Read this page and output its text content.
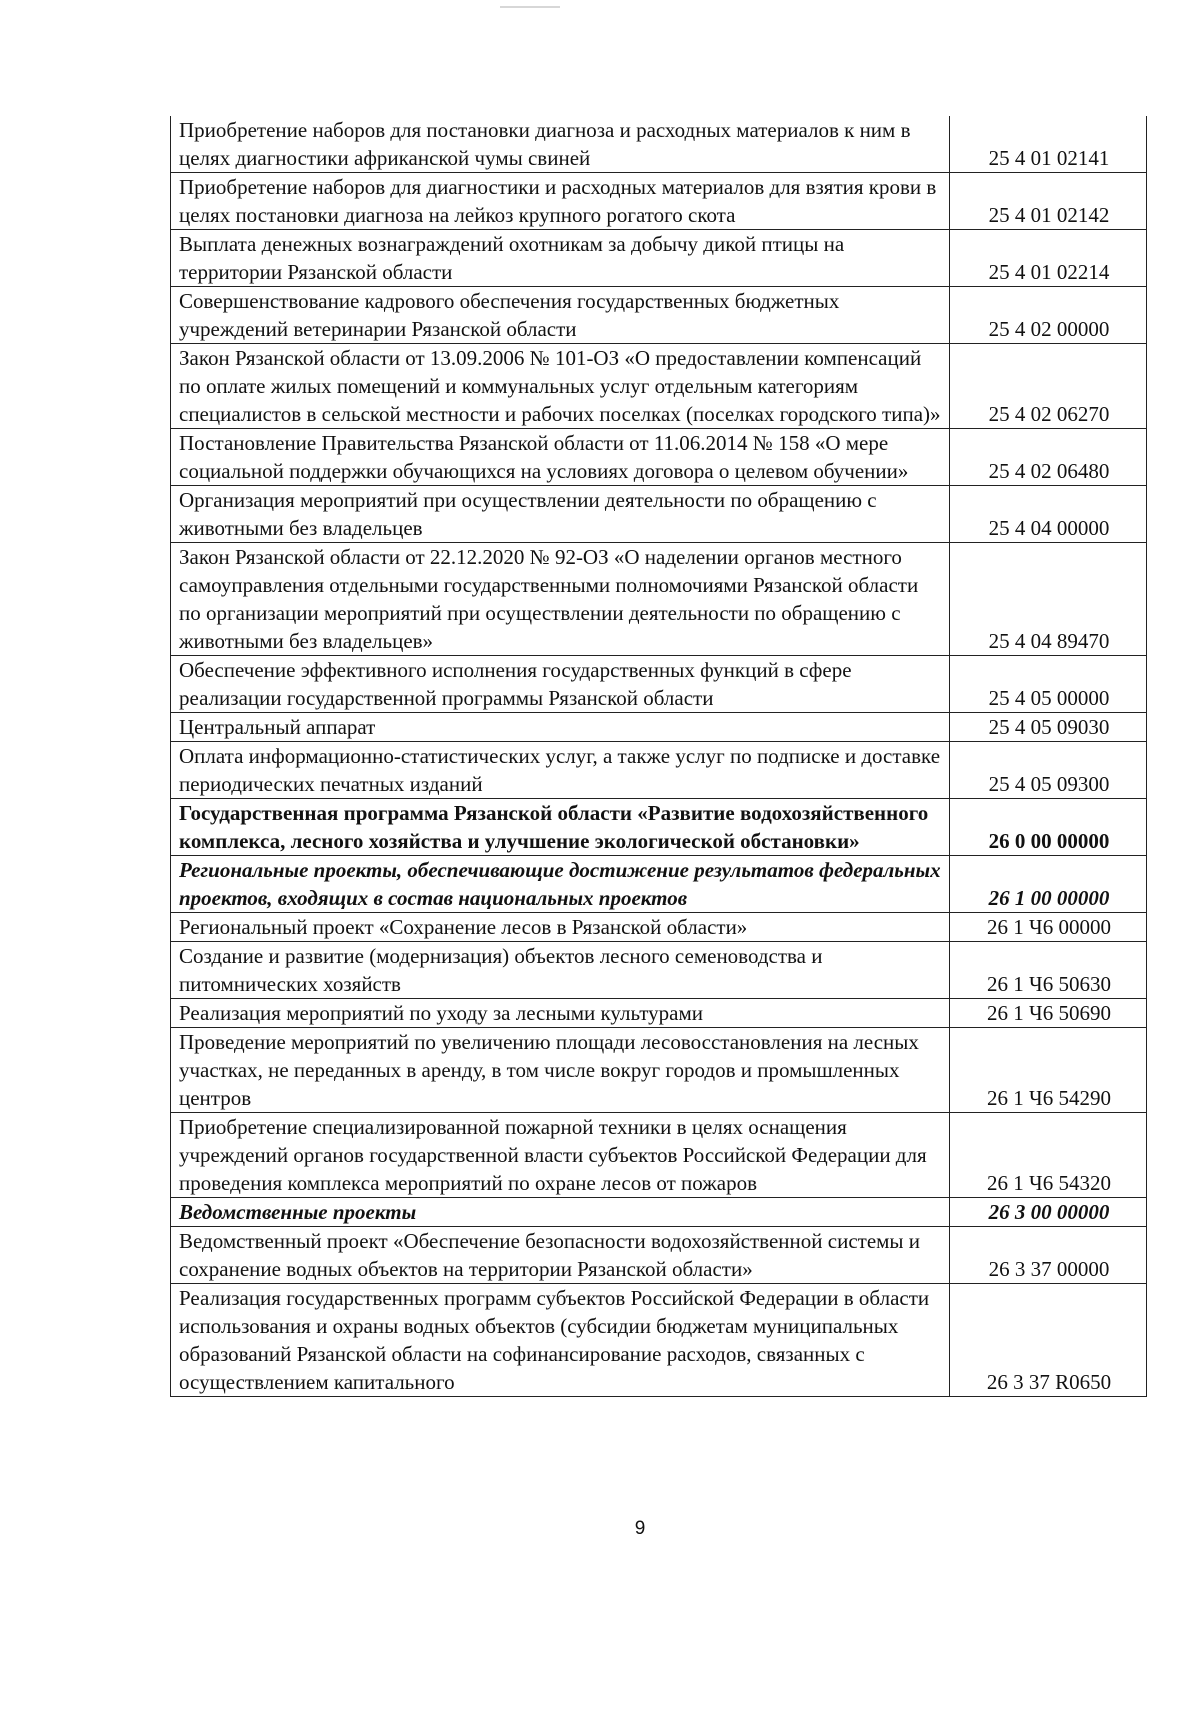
Приобретение наборов для постановки диагноза и расходных материалов к ним в целях диагностики африканской чумы свиней	25 4 01 02141
Приобретение наборов для диагностики и расходных материалов для взятия крови в целях постановки диагноза на лейкоз крупного рогатого скота	25 4 01 02142
Выплата денежных вознаграждений охотникам за добычу дикой птицы на территории Рязанской области	25 4 01 02214
Совершенствование кадрового обеспечения государственных бюджетных учреждений ветеринарии Рязанской области	25 4 02 00000
Закон Рязанской области от 13.09.2006 № 101-ОЗ «О предоставлении компенсаций по оплате жилых помещений и коммунальных услуг отдельным категориям специалистов в сельской местности и рабочих поселках (поселках городского типа)»	25 4 02 06270
Постановление Правительства Рязанской области от 11.06.2014 № 158 «О мере социальной поддержки обучающихся на условиях договора о целевом обучении»	25 4 02 06480
Организация мероприятий при осуществлении деятельности по обращению с животными без владельцев	25 4 04 00000
Закон Рязанской области от 22.12.2020 № 92-ОЗ «О наделении органов местного самоуправления отдельными государственными полномочиями Рязанской области по организации мероприятий при осуществлении деятельности по обращению с животными без владельцев»	25 4 04 89470
Обеспечение эффективного исполнения государственных функций в сфере реализации государственной программы Рязанской области	25 4 05 00000
Центральный аппарат	25 4 05 09030
Оплата информационно-статистических услуг, а также услуг по подписке и доставке периодических печатных изданий	25 4 05 09300
Государственная программа Рязанской области «Развитие водохозяйственного комплекса, лесного хозяйства и улучшение экологической обстановки»	26 0 00 00000
Региональные проекты, обеспечивающие достижение результатов федеральных проектов, входящих в состав национальных проектов	26 1 00 00000
Региональный проект «Сохранение лесов в Рязанской области»	26 1 Ч6 00000
Создание и развитие (модернизация) объектов лесного семеноводства и питомнических хозяйств	26 1 Ч6 50630
Реализация мероприятий по уходу за лесными культурами	26 1 Ч6 50690
Проведение мероприятий по увеличению площади лесовосстановления на лесных участках, не переданных в аренду, в том числе вокруг городов и промышленных центров	26 1 Ч6 54290
Приобретение специализированной пожарной техники в целях оснащения учреждений органов государственной власти субъектов Российской Федерации для проведения комплекса мероприятий по охране лесов от пожаров	26 1 Ч6 54320
Ведомственные проекты	26 3 00 00000
Ведомственный проект «Обеспечение безопасности водохозяйственной системы и сохранение водных объектов на территории Рязанской области»	26 3 37 00000
Реализация государственных программ субъектов Российской Федерации в области использования и охраны водных объектов (субсидии бюджетам муниципальных образований Рязанской области на софинансирование расходов, связанных с осуществлением капитального	26 3 37 R0650
9
